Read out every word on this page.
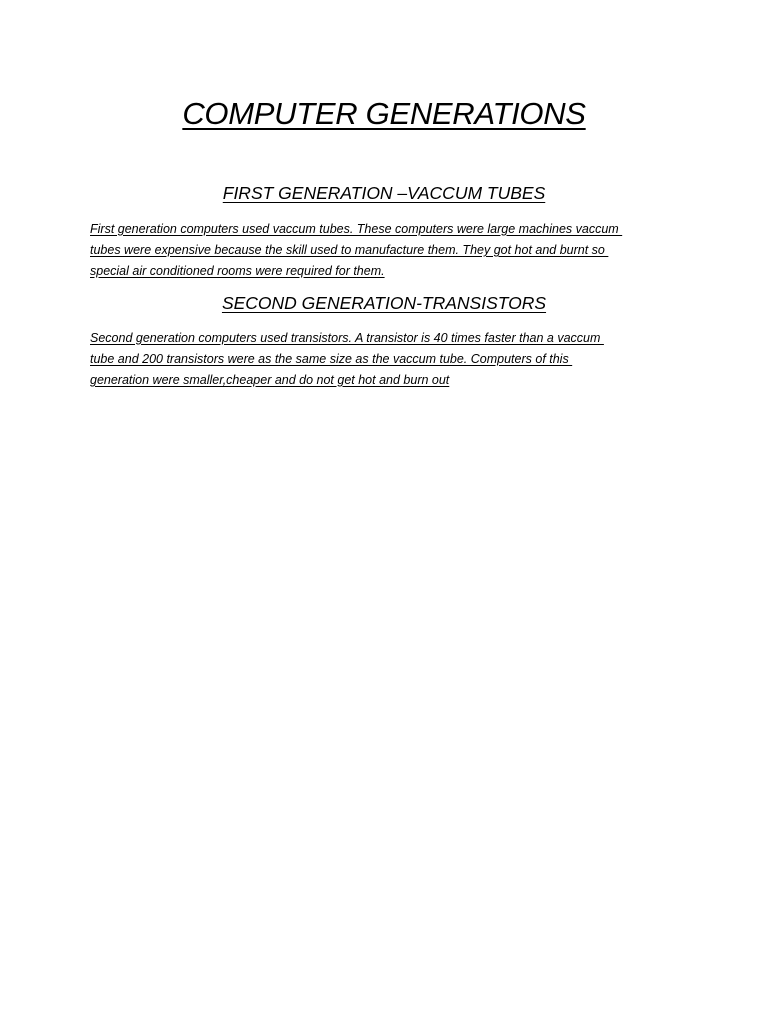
COMPUTER GENERATIONS
FIRST GENERATION –VACCUM TUBES

First generation computers used vaccum tubes. These computers were large machines vaccum
tubes were expensive because the skill used to manufacture them. They got hot and burnt so
special air conditioned rooms were required for them.

SECOND GENERATION-TRANSISTORS

Second generation computers used transistors. A transistor is 40 times faster than a vaccum
tube and 200 transistors were as the same size as the vaccum tube. Computers of this
generation were smaller,cheaper and do not get hot and burn out
